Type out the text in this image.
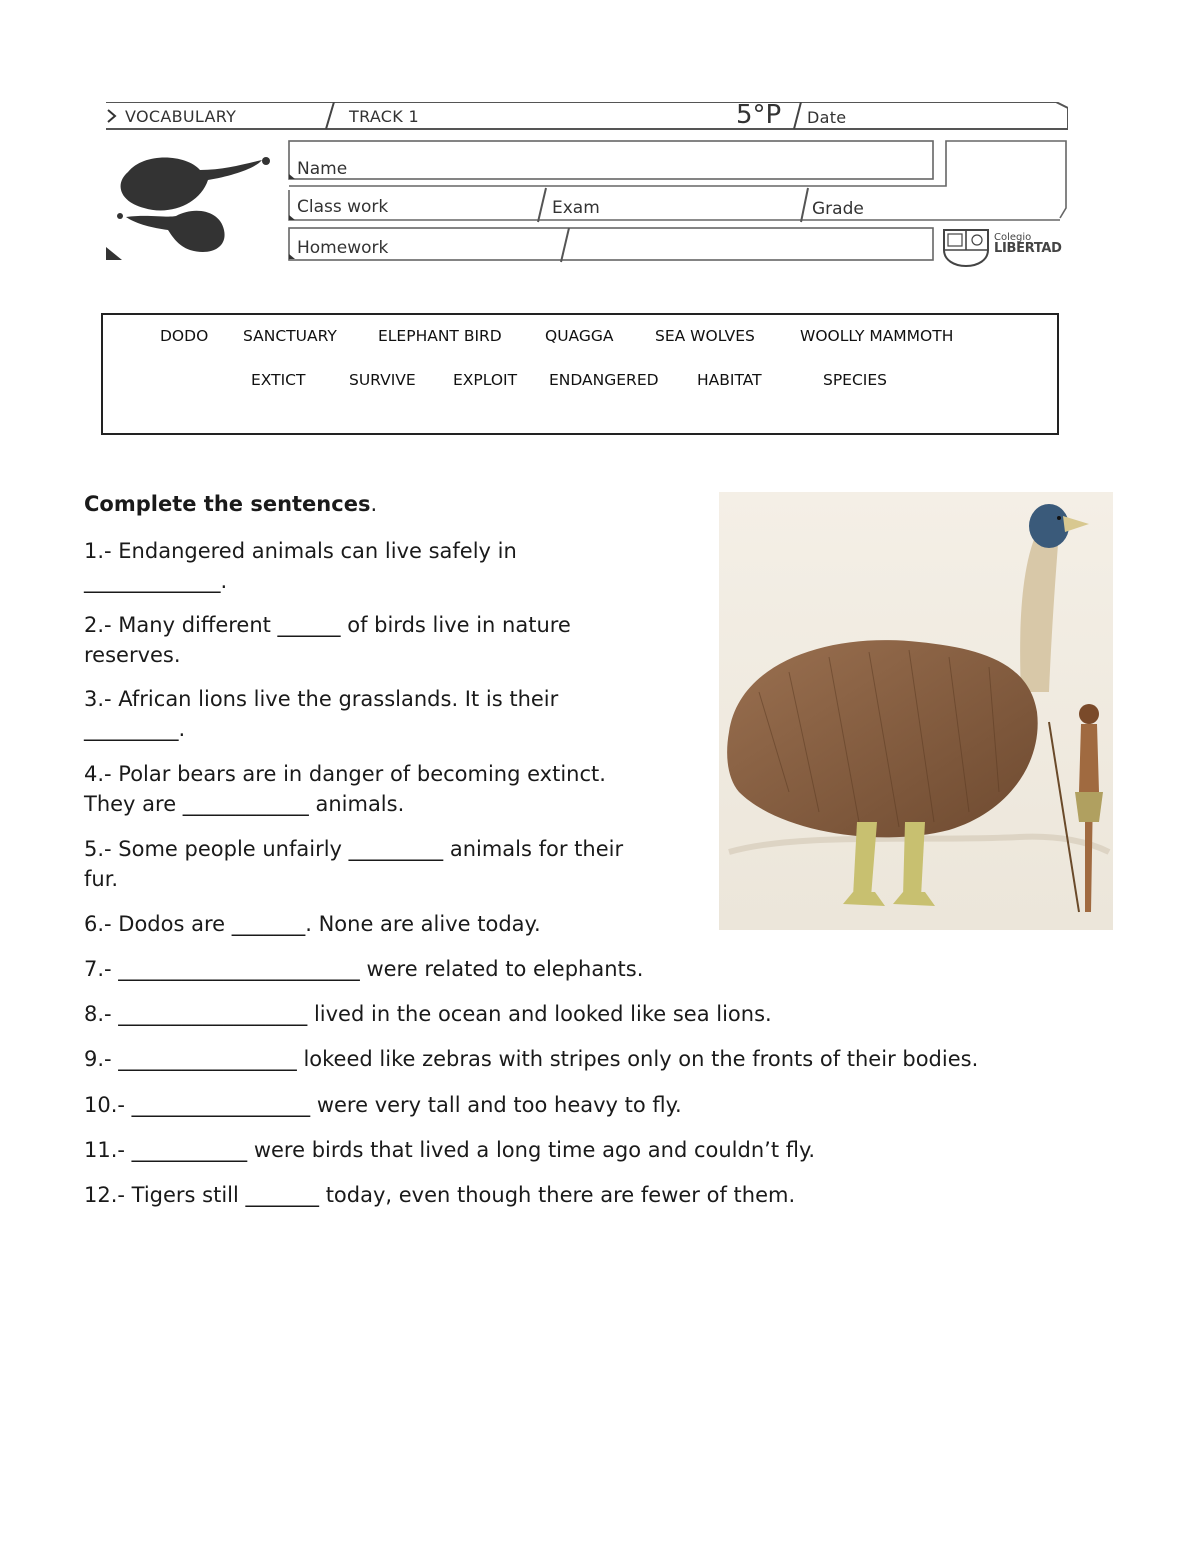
VOCABULARY	TRACK 1	5°P Date
Name
Class work	Exam	Grade
Homework
Colegio
LIBERTAD
DODO SANCTUARY	ELEPHANT BIRD	QUAGGA	SEA WOLVES	WOOLLY MAMMOTH
EXTICT	SURVIVE EXPLOIT ENDANGERED HABITAT	SPECIES
Complete the sentences.
1.- Endangered animals can live safely in
_____________.
2.- Many different ______ of birds live in nature
reserves.
3.- African lions live the grasslands. It is their
_________.
4.- Polar bears are in danger of becoming extinct.
They are ____________ animals.
5.- Some people unfairly _________ animals for their
fur.
6.- Dodos are _______. None are alive today.
7.- _______________________ were related to elephants.
8.- __________________ lived in the ocean and looked like sea lions.
9.- _________________ lokeed like zebras with stripes only on the fronts of their bodies.
10.- _________________ were very tall and too heavy to fly.
11.- ___________ were birds that lived a long time ago and couldn’t fly.
12.- Tigers still _______ today, even though there are fewer of them.
